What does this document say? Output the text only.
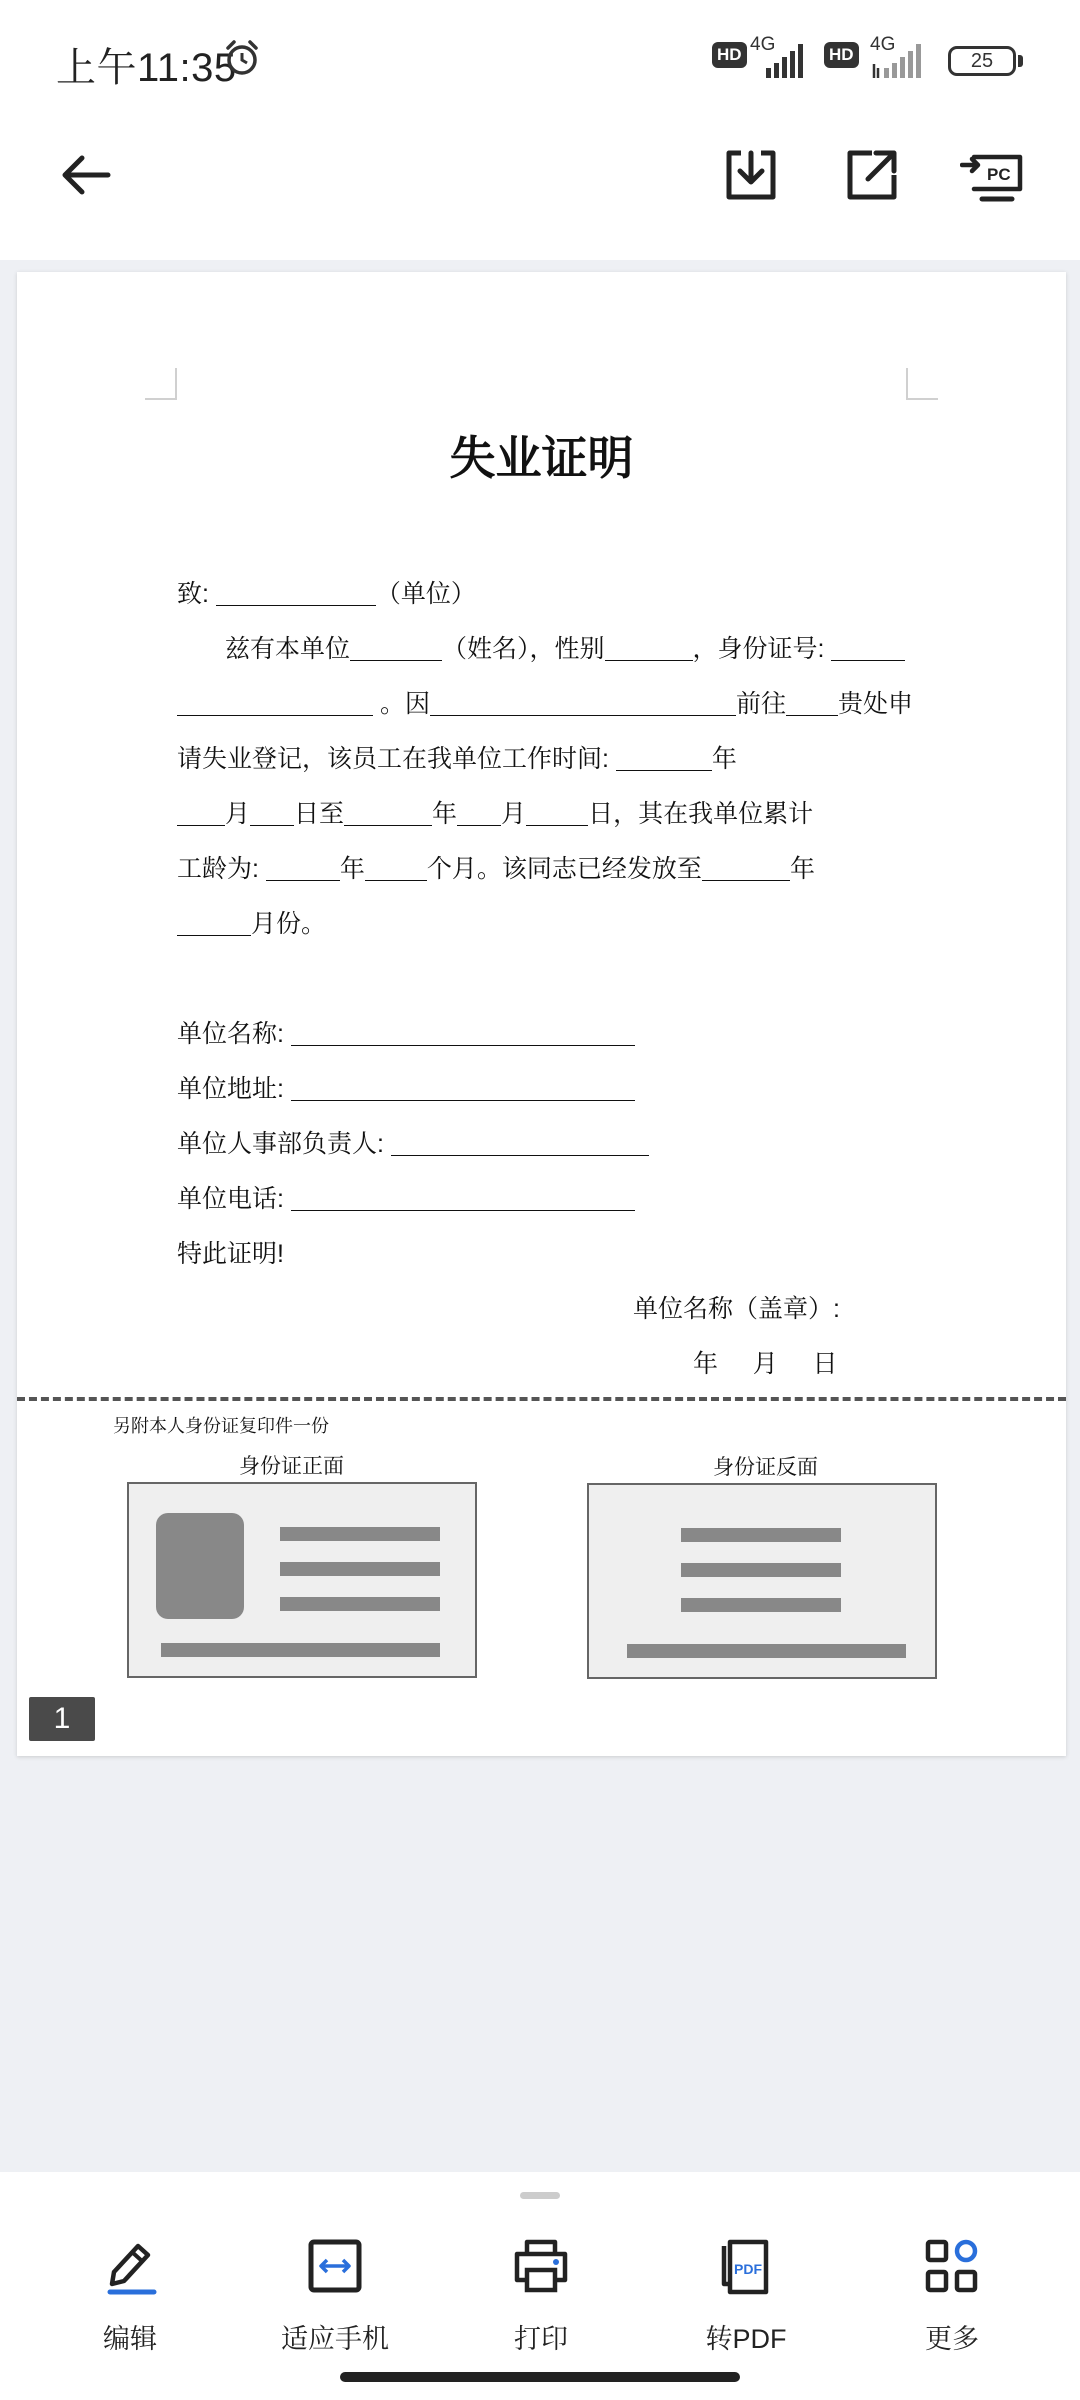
上午11:35	HD 4G	HD 4G
25
PC
失业证明
致:	（单位）
兹有本单位	（姓名），性别	，身份证号:
。因	前往 贵处申
请失业登记，该员工在我单位工作时间:	年
月 日至	年 月 日，其在我单位累计
工龄为:	年 个月。该同志已经发放至	年
月份。
单位名称:
单位地址:
单位人事部负责人:
单位电话:
特此证明!
单位名称（盖章）:
年 月 日
另附本人身份证复印件一份
身份证正面	身份证反面
1
编辑	适应手机	打印
PDF
转PDF	更多
